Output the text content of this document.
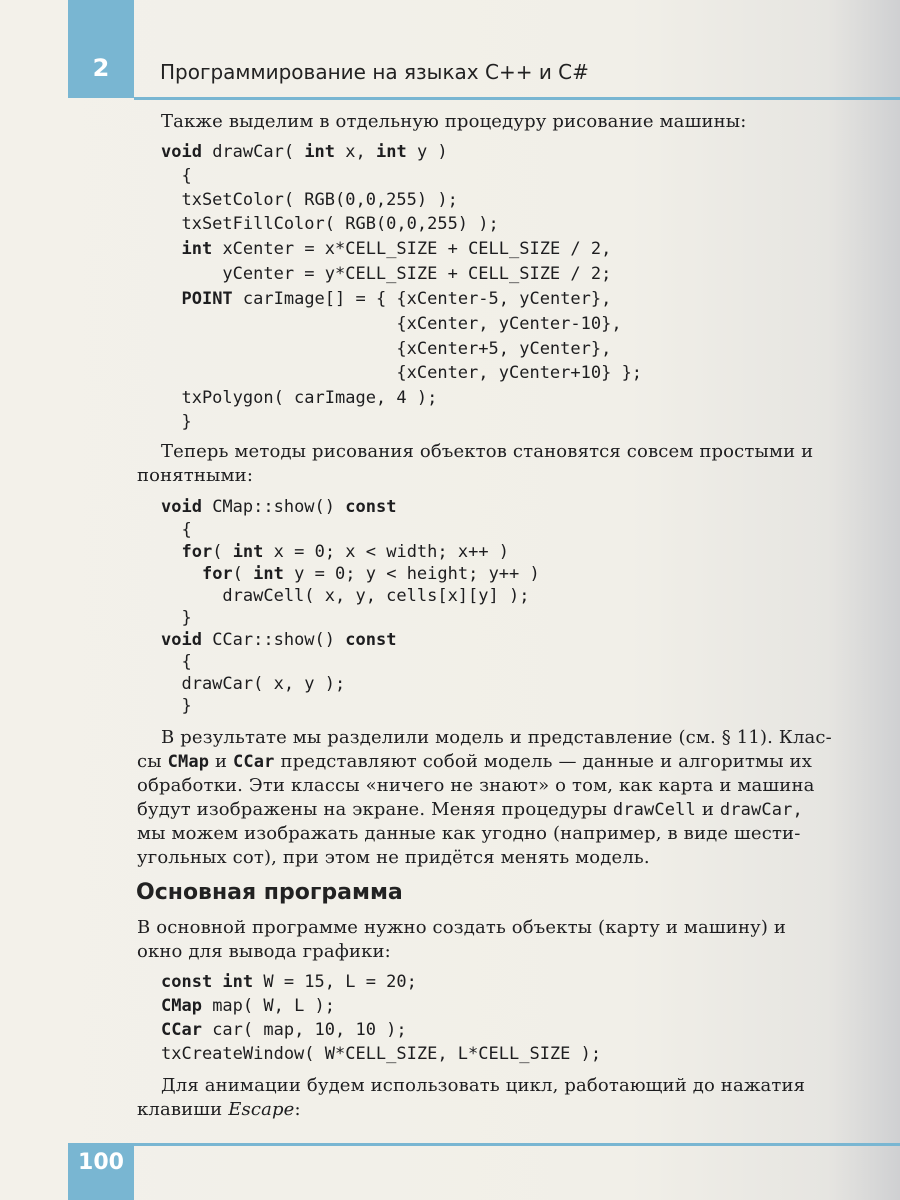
2	Программирование на языках С++ и C#

Также выделим в отдельную процедуру рисование машины:

void drawCar( int x, int y )
{
txSetColor( RGB(0,0,255) );
txSetFillColor( RGB(0,0,255) );
int xCenter = x*CELL_SIZE + CELL_SIZE / 2,
yCenter = y*CELL_SIZE + CELL_SIZE / 2;
POINT carImage[] = { {xCenter-5, yCenter},
{xCenter, yCenter-10},
{xCenter+5, yCenter},
{xCenter, yCenter+10} };
txPolygon( carImage, 4 );
}

Теперь методы рисования объектов становятся совсем простыми и

понятными:

void CMap::show() const
{
for( int x = 0; x < width; x++ )
for( int y = 0; y < height; y++ )
drawCell( x, y, cells[x][y] );
}
void CCar::show() const
{
drawCar( x, y );
}

В результате мы разделили модель и представление (см. § 11). Клас-

сы CMap и CCar представляют собой модель — данные и алгоритмы их

обработки. Эти классы «ничего не знают» о том, как карта и машина

будут изображены на экране. Меняя процедуры drawCell и drawCar,

мы можем изображать данные как угодно (например, в виде шести-

угольных сот), при этом не придётся менять модель.

Основная программа

В основной программе нужно создать объекты (карту и машину) и

окно для вывода графики:

const int W = 15, L = 20;
CMap map( W, L );
CCar car( map, 10, 10 );
txCreateWindow( W*CELL_SIZE, L*CELL_SIZE );

Для анимации будем использовать цикл, работающий до нажатия

клавиши Escape:

100
